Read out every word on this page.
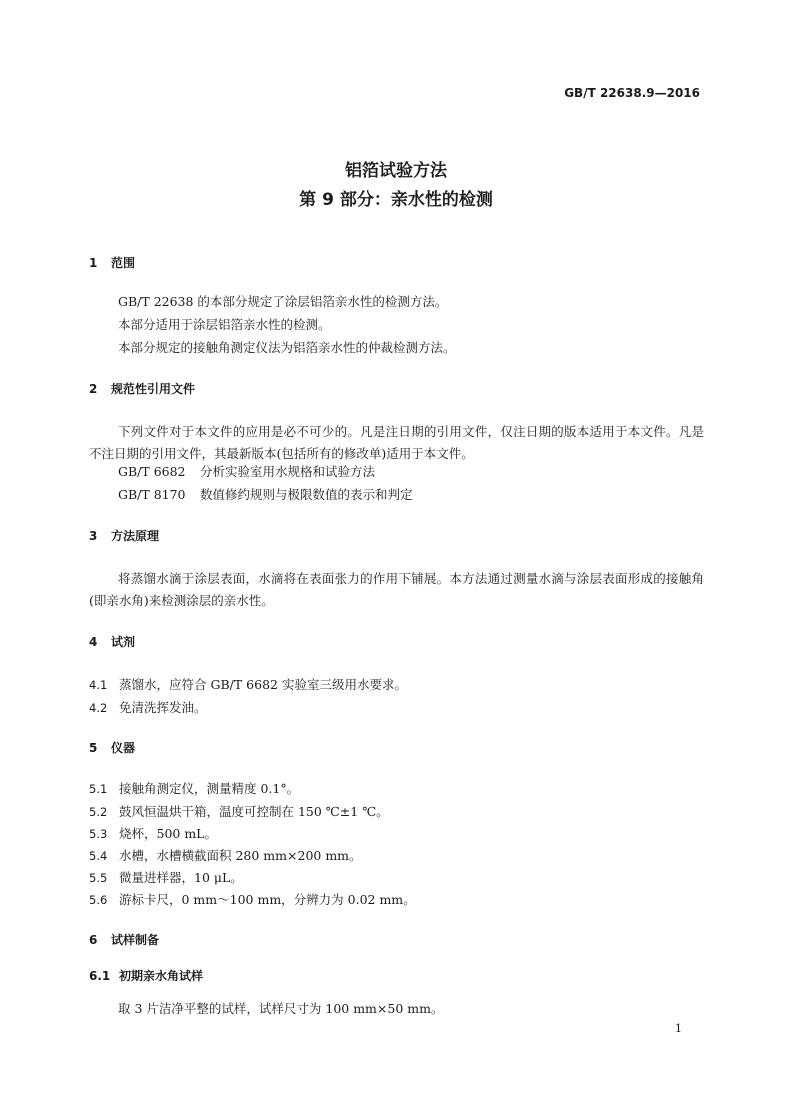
GB/T 22638.9—2016
铝箔试验方法
第 9 部分：亲水性的检测
1 范围
GB/T 22638 的本部分规定了涂层铝箔亲水性的检测方法。
本部分适用于涂层铝箔亲水性的检测。
本部分规定的接触角测定仪法为铝箔亲水性的仲裁检测方法。
2 规范性引用文件
下列文件对于本文件的应用是必不可少的。凡是注日期的引用文件，仅注日期的版本适用于本文件。凡是不注日期的引用文件，其最新版本(包括所有的修改单)适用于本文件。
GB/T 6682 分析实验室用水规格和试验方法
GB/T 8170 数值修约规则与极限数值的表示和判定
3 方法原理
将蒸馏水滴于涂层表面，水滴将在表面张力的作用下铺展。本方法通过测量水滴与涂层表面形成的接触角(即亲水角)来检测涂层的亲水性。
4 试剂
4.1 蒸馏水，应符合 GB/T 6682 实验室三级用水要求。
4.2 免清洗挥发油。
5 仪器
5.1 接触角测定仪，测量精度 0.1°。
5.2 鼓风恒温烘干箱，温度可控制在 150 ℃±1 ℃。
5.3 烧杯，500 mL。
5.4 水槽，水槽横截面积 280 mm×200 mm。
5.5 微量进样器，10 μL。
5.6 游标卡尺，0 mm～100 mm，分辨力为 0.02 mm。
6 试样制备
6.1 初期亲水角试样
取 3 片洁净平整的试样，试样尺寸为 100 mm×50 mm。
1
